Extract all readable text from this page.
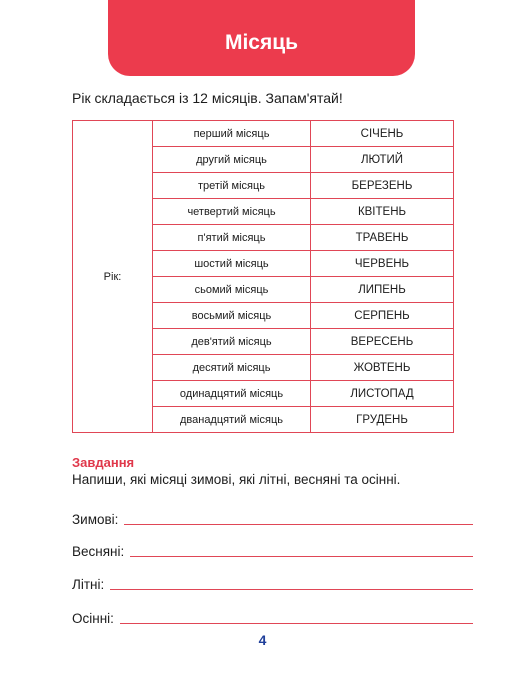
Місяць

Рік складається із 12 місяців. Запам'ятай!

Рік:	перший місяць	СІЧЕНЬ
	другий місяць	ЛЮТИЙ
	третій місяць	БЕРЕЗЕНЬ
	четвертий місяць	КВІТЕНЬ
	п'ятий місяць	ТРАВЕНЬ
	шостий місяць	ЧЕРВЕНЬ
	сьомий місяць	ЛИПЕНЬ
	восьмий місяць	СЕРПЕНЬ
	дев'ятий місяць	ВЕРЕСЕНЬ
	десятий місяць	ЖОВТЕНЬ
	одинадцятий місяць	ЛИСТОПАД
	дванадцятий місяць	ГРУДЕНЬ
Завдання
Напиши, які місяці зимові, які літні, весняні та осінні.
Зимові:
Весняні:
Літні:
Осінні:
4
